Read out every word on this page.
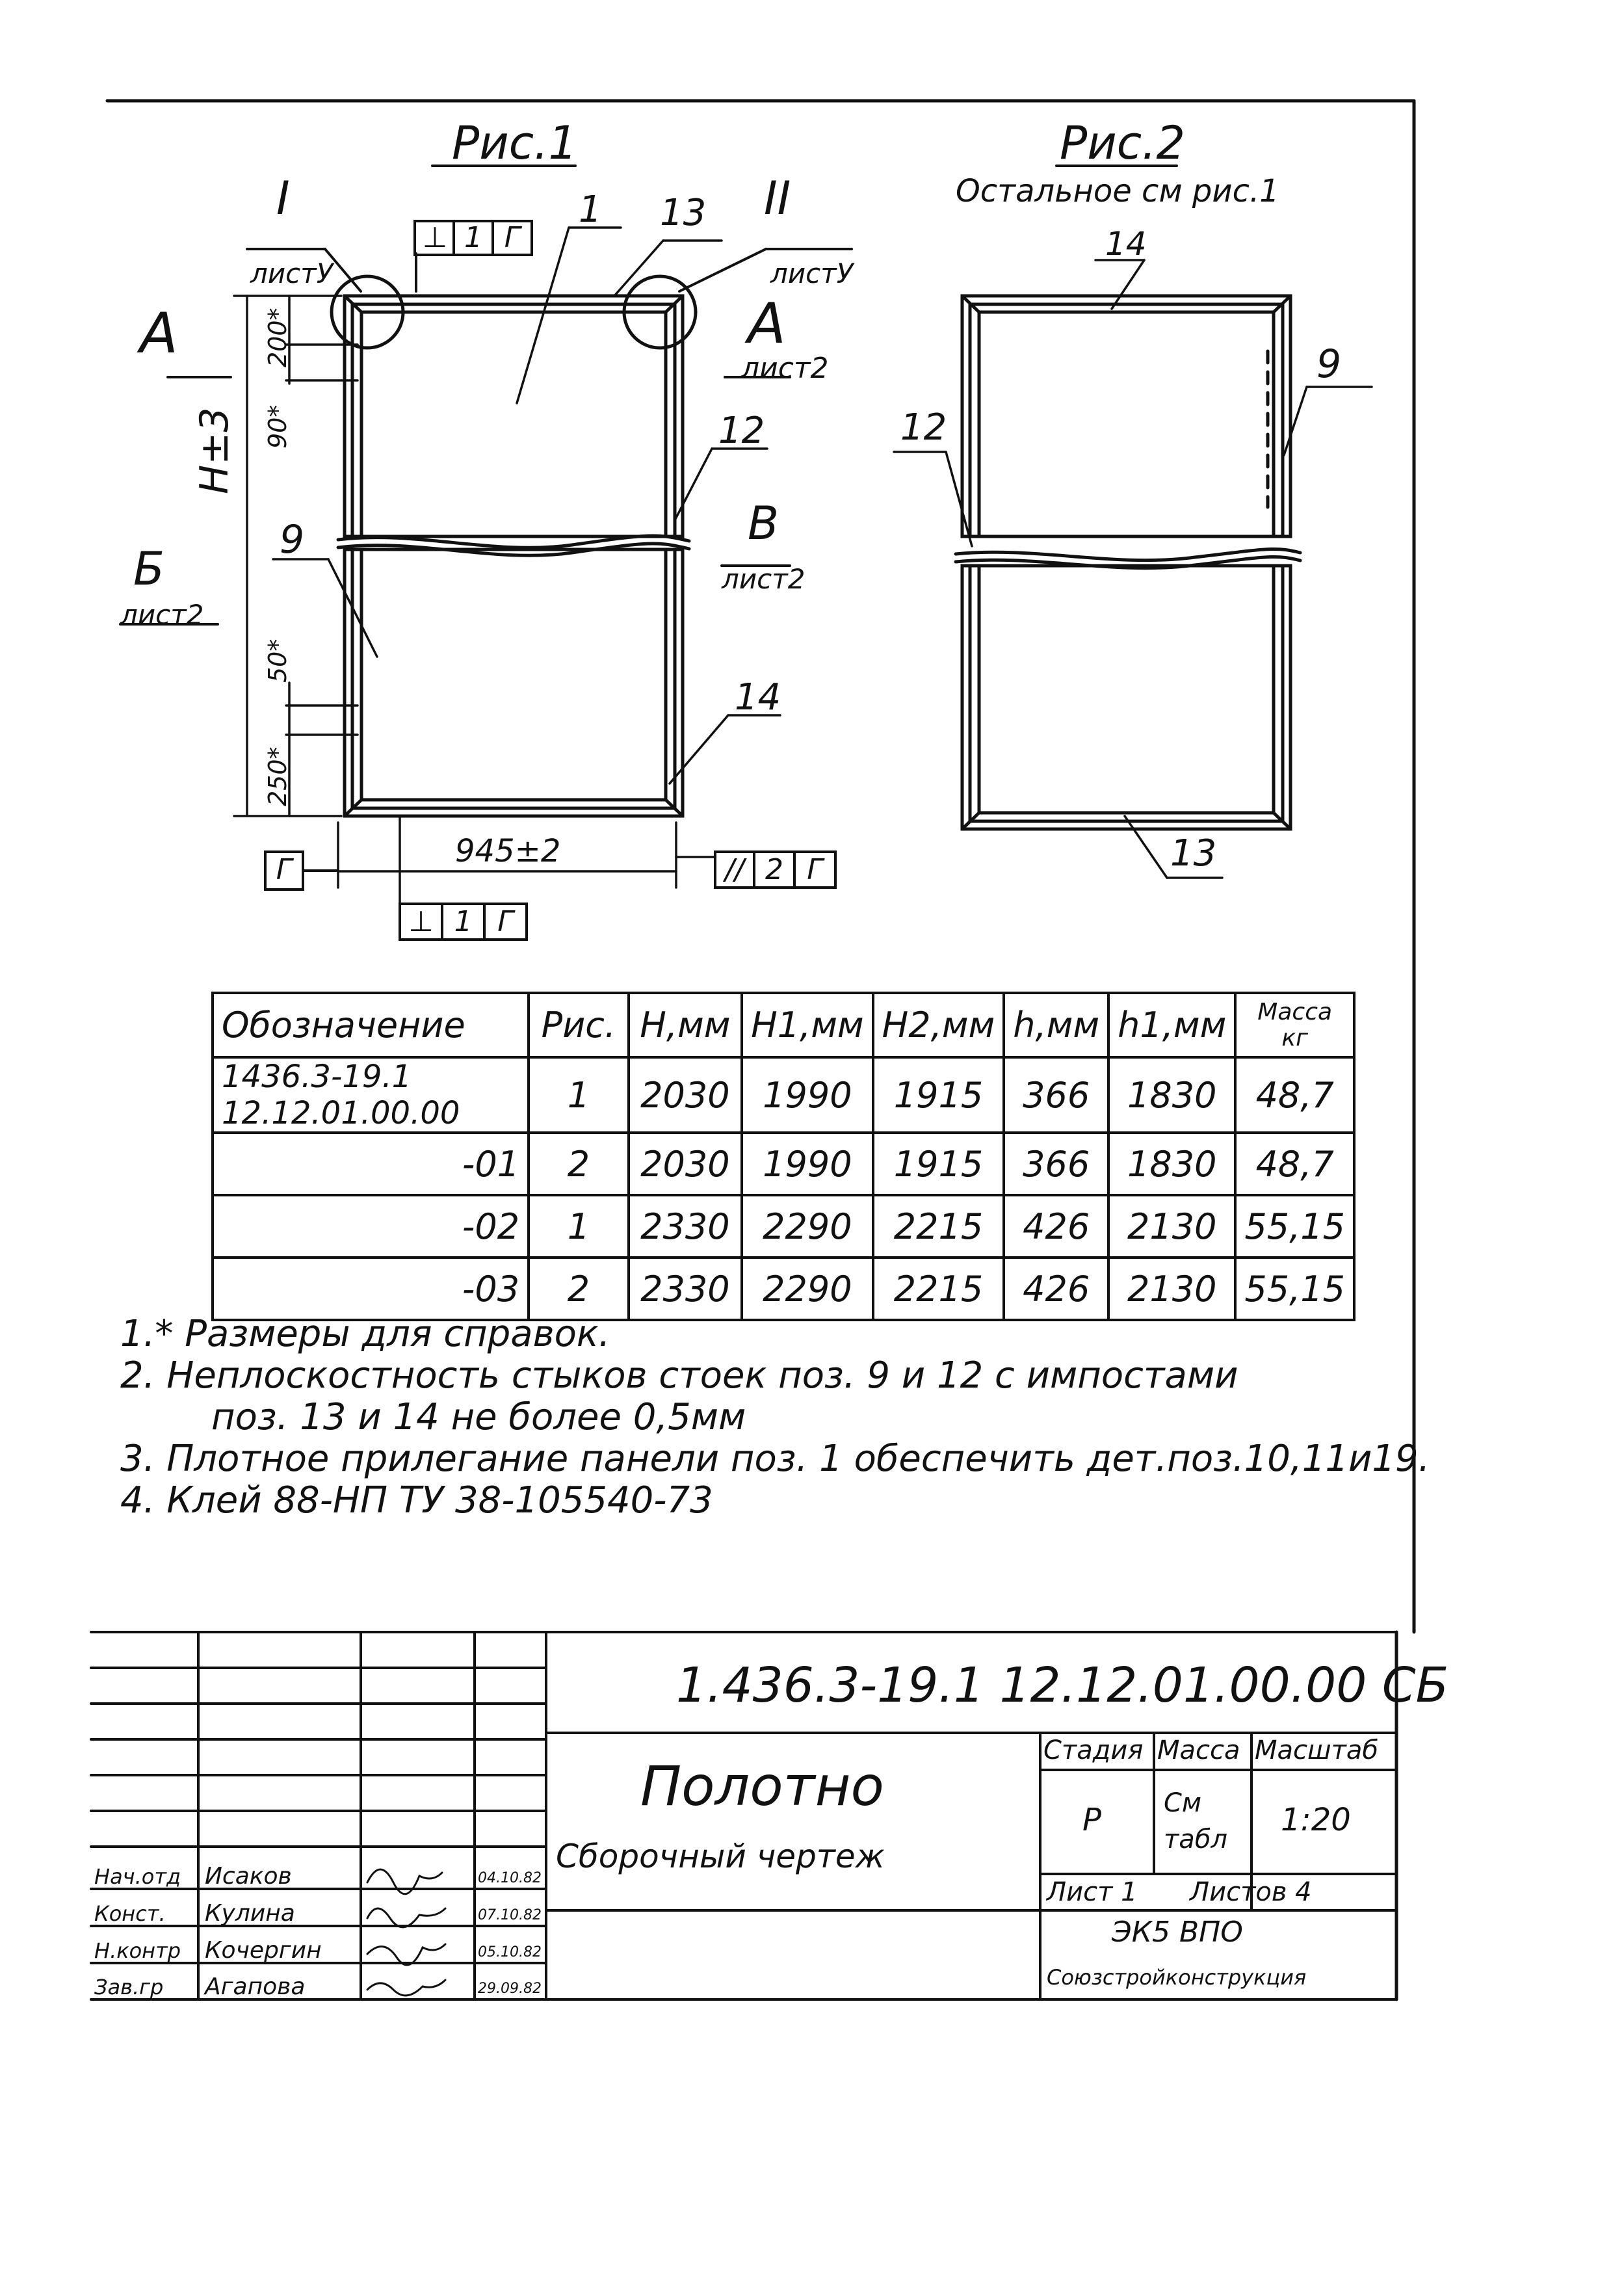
Рис.1
I
листУ
II
листУ
А	А
лист2
Б
лист2
В
лист2
⊥ 1 Г
Г	// 2 Г
⊥ 1 Г
H±3
945±2
200*
90*
50*
250*
1 13
12
9
14
Рис.2
Остальное см рис.1
14
9
12
13
Обозначение	Рис.	H,мм	H1,мм	H2,мм	h,мм	h1,мм	Масса кг
1436.3-19.1 12.12.01.00.00	1	2030	1990	1915	366	1830	48,7
-01	2	2030	1990	1915	366	1830	48,7
-02	1	2330	2290	2215	426	2130	55,15
-03	2	2330	2290	2215	426	2130	55,15
1.* Размеры для справок.
2. Неплоскостность стыков стоек поз. 9 и 12 с импостами
поз. 13 и 14 не более 0,5мм
3. Плотное прилегание панели поз. 1 обеспечить дет.поз.10,11и19.
4. Клей 88-НП ТУ 38-105540-73
1.436.3-19.1 12.12.01.00.00 СБ
Полотно
Сборочный чертеж
Стадия Масса Масштаб
Р См табл
1:20
Лист 1 Листов 4
ЭК5 ВПО
Союзстройконструкция
Нач.отд Исаков	04.10.82
Конст. Кулина	07.10.82
Н.контр Кочергин	05.10.82
Зав.гр Агапова	29.09.82
